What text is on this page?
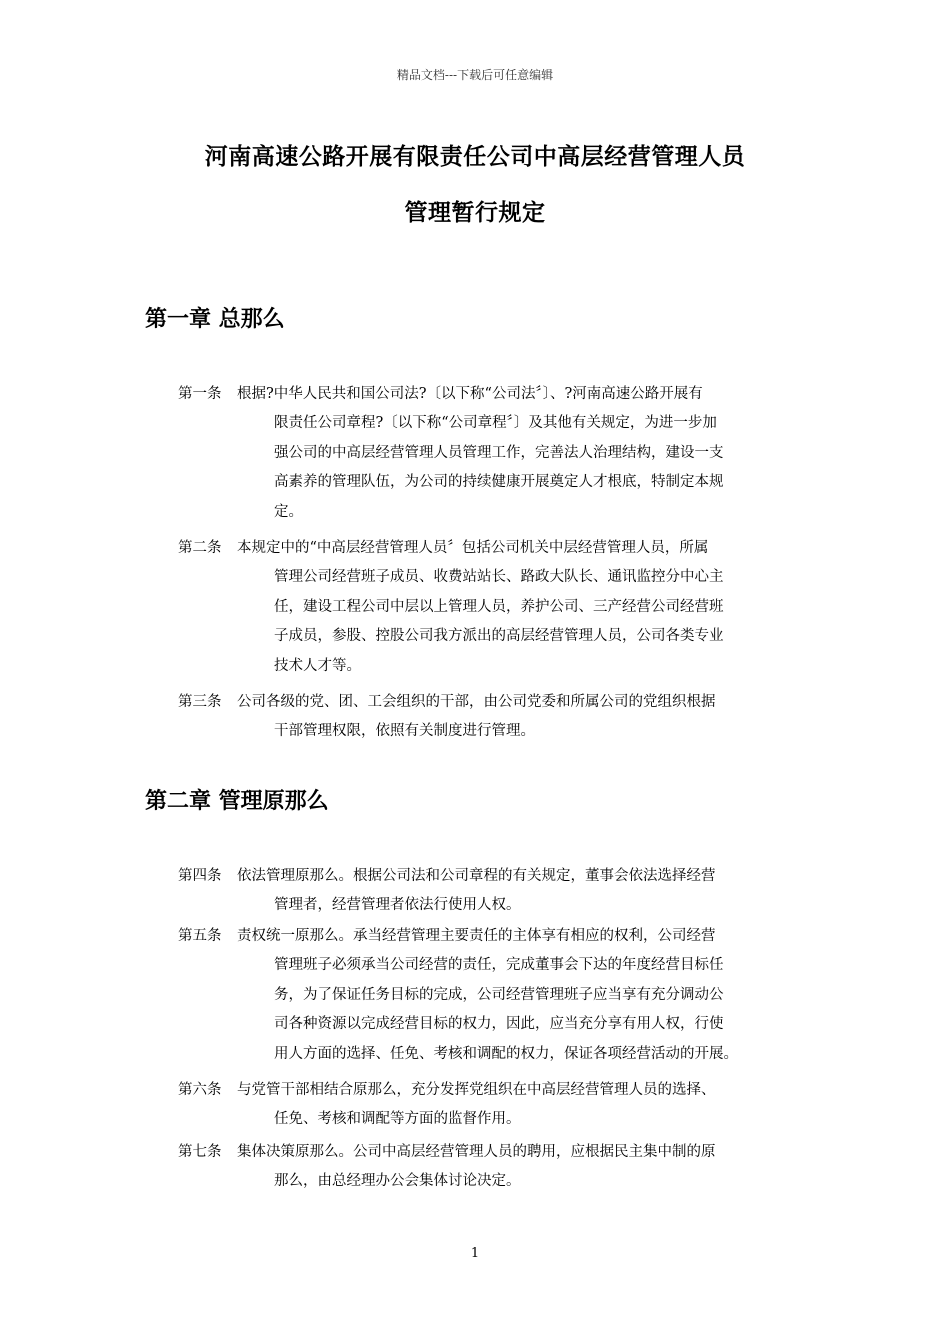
精品文档---下载后可任意编辑
河南高速公路开展有限责任公司中高层经营管理人员
管理暂行规定
第一章 总那么
第一条	根据?中华人民共和国公司法?〔以下称“公司法〞〕、?河南高速公路开展有
限责任公司章程?〔以下称“公司章程〞〕及其他有关规定，为进一步加
强公司的中高层经营管理人员管理工作，完善法人治理结构，建设一支
高素养的管理队伍，为公司的持续健康开展奠定人才根底，特制定本规
定。
第二条	本规定中的“中高层经营管理人员〞包括公司机关中层经营管理人员，所属
管理公司经营班子成员、收费站站长、路政大队长、通讯监控分中心主
任，建设工程公司中层以上管理人员，养护公司、三产经营公司经营班
子成员，参股、控股公司我方派出的高层经营管理人员，公司各类专业
技术人才等。
第三条	公司各级的党、团、工会组织的干部，由公司党委和所属公司的党组织根据
干部管理权限，依照有关制度进行管理。
第二章 管理原那么
第四条	依法管理原那么。根据公司法和公司章程的有关规定，董事会依法选择经营
管理者，经营管理者依法行使用人权。
第五条	责权统一原那么。承当经营管理主要责任的主体享有相应的权利，公司经营
管理班子必须承当公司经营的责任，完成董事会下达的年度经营目标任
务，为了保证任务目标的完成，公司经营管理班子应当享有充分调动公
司各种资源以完成经营目标的权力，因此，应当充分享有用人权，行使
用人方面的选择、任免、考核和调配的权力，保证各项经营活动的开展。
第六条	与党管干部相结合原那么，充分发挥党组织在中高层经营管理人员的选择、
任免、考核和调配等方面的监督作用。
第七条	集体决策原那么。公司中高层经营管理人员的聘用，应根据民主集中制的原
那么，由总经理办公会集体讨论决定。
1
